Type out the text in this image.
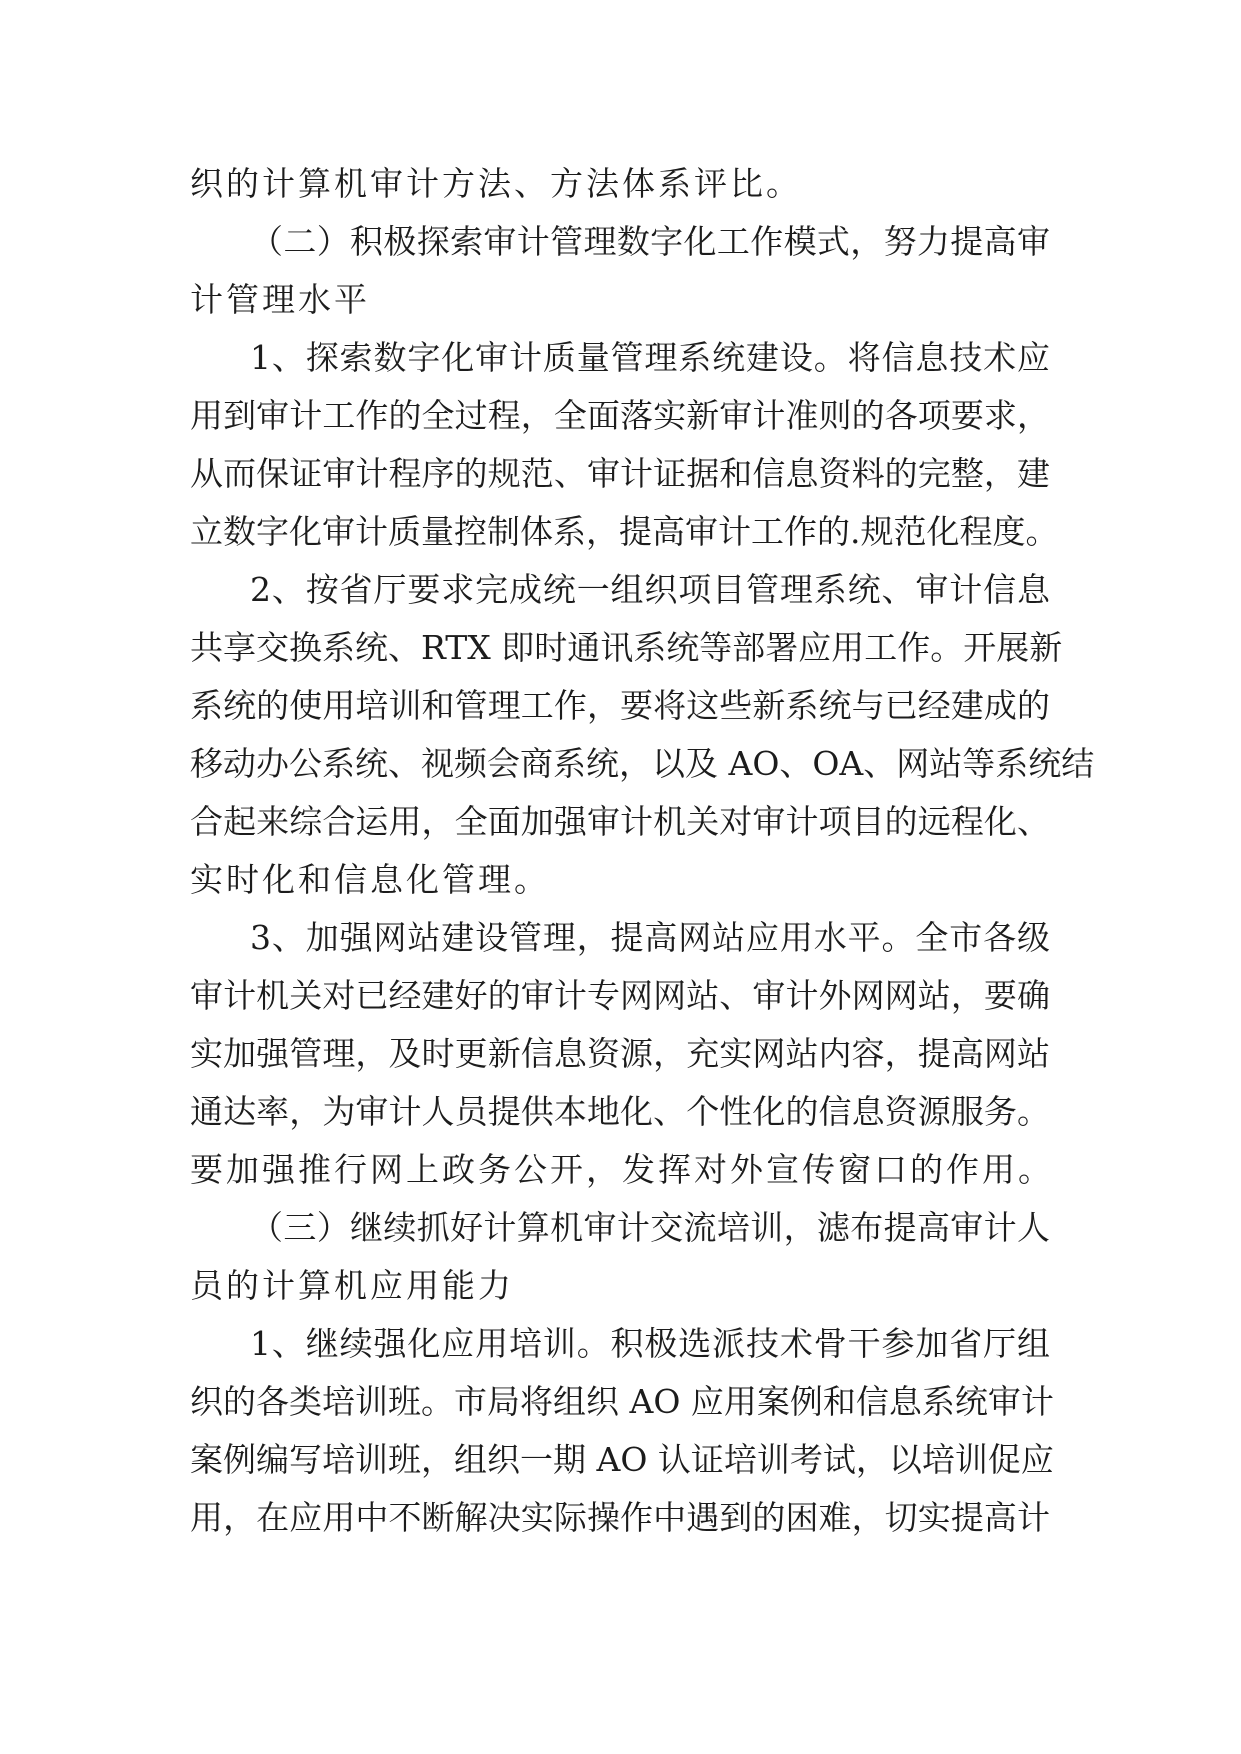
织的计算机审计方法、方法体系评比。

（二）积极探索审计管理数字化工作模式，努力提高审

计管理水平

1、探索数字化审计质量管理系统建设。将信息技术应

用到审计工作的全过程，全面落实新审计准则的各项要求，

从而保证审计程序的规范、审计证据和信息资料的完整，建

立数字化审计质量控制体系，提高审计工作的.规范化程度。

2、按省厅要求完成统一组织项目管理系统、审计信息

共享交换系统、RTX 即时通讯系统等部署应用工作。开展新

系统的使用培训和管理工作，要将这些新系统与已经建成的

移动办公系统、视频会商系统，以及 AO、OA、网站等系统结

合起来综合运用，全面加强审计机关对审计项目的远程化、

实时化和信息化管理。

3、加强网站建设管理，提高网站应用水平。全市各级

审计机关对已经建好的审计专网网站、审计外网网站，要确

实加强管理，及时更新信息资源，充实网站内容，提高网站

通达率，为审计人员提供本地化、个性化的信息资源服务。

要加强推行网上政务公开，发挥对外宣传窗口的作用。

（三）继续抓好计算机审计交流培训，滤布提高审计人

员的计算机应用能力

1、继续强化应用培训。积极选派技术骨干参加省厅组

织的各类培训班。市局将组织 AO 应用案例和信息系统审计

案例编写培训班，组织一期 AO 认证培训考试，以培训促应

用，在应用中不断解决实际操作中遇到的困难，切实提高计
